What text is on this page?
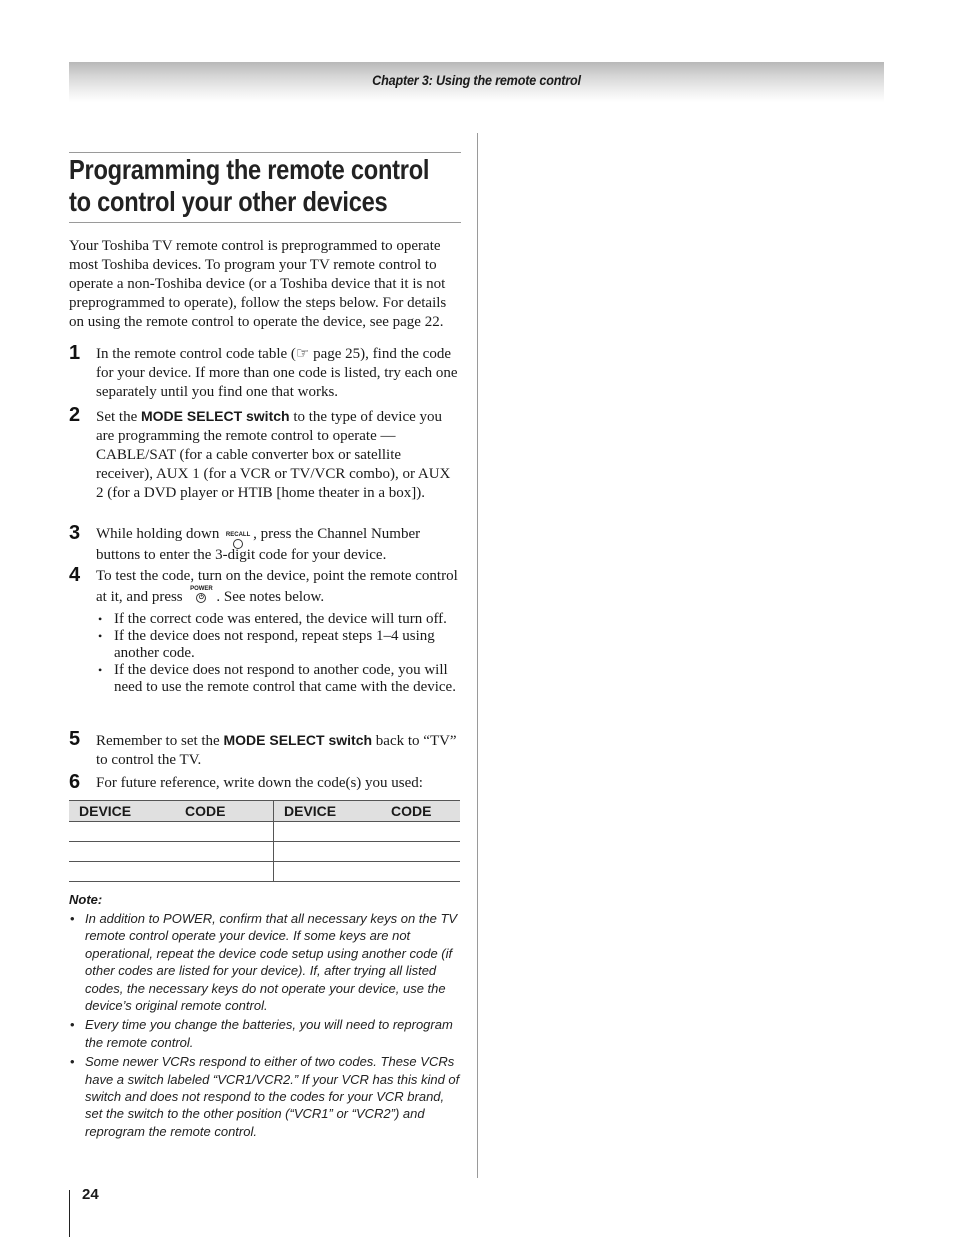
Chapter 3: Using the remote control
Programming the remote control
to control your other devices

Your Toshiba TV remote control is preprogrammed to operate most Toshiba devices. To program your TV remote control to operate a non-Toshiba device (or a Toshiba device that it is not preprogrammed to operate), follow the steps below. For details on using the remote control to operate the device, see page 22.

1 In the remote control code table (☞ page 25), find the code for your device. If more than one code is listed, try each one separately until you find one that works.
2 Set the MODE SELECT switch to the type of device you are programming the remote control to operate — CABLE/SAT (for a cable converter box or satellite receiver), AUX 1 (for a VCR or TV/VCR combo), or AUX 2 (for a DVD player or HTIB [home theater in a box]).
3 While holding down RECALL , press the Channel Number buttons to enter the 3-digit code for your device.
4 To test the code, turn on the device, point the remote control at it, and press POWER
⏻ . See notes below.
• If the correct code was entered, the device will turn off.
• If the device does not respond, repeat steps 1–4 using another code.
• If the device does not respond to another code, you will need to use the remote control that came with the device.
5 Remember to set the MODE SELECT switch back to “TV” to control the TV.
6 For future reference, write down the code(s) you used:
DEVICE	CODE	DEVICE	CODE

Note:
• In addition to POWER, confirm that all necessary keys on the TV remote control operate your device. If some keys are not operational, repeat the device code setup using another code (if other codes are listed for your device). If, after trying all listed codes, the necessary keys do not operate your device, use the device’s original remote control.
• Every time you change the batteries, you will need to reprogram the remote control.
• Some newer VCRs respond to either of two codes. These VCRs have a switch labeled “VCR1/VCR2.” If your VCR has this kind of switch and does not respond to the codes for your VCR brand, set the switch to the other position (“VCR1” or “VCR2”) and reprogram the remote control.
24
